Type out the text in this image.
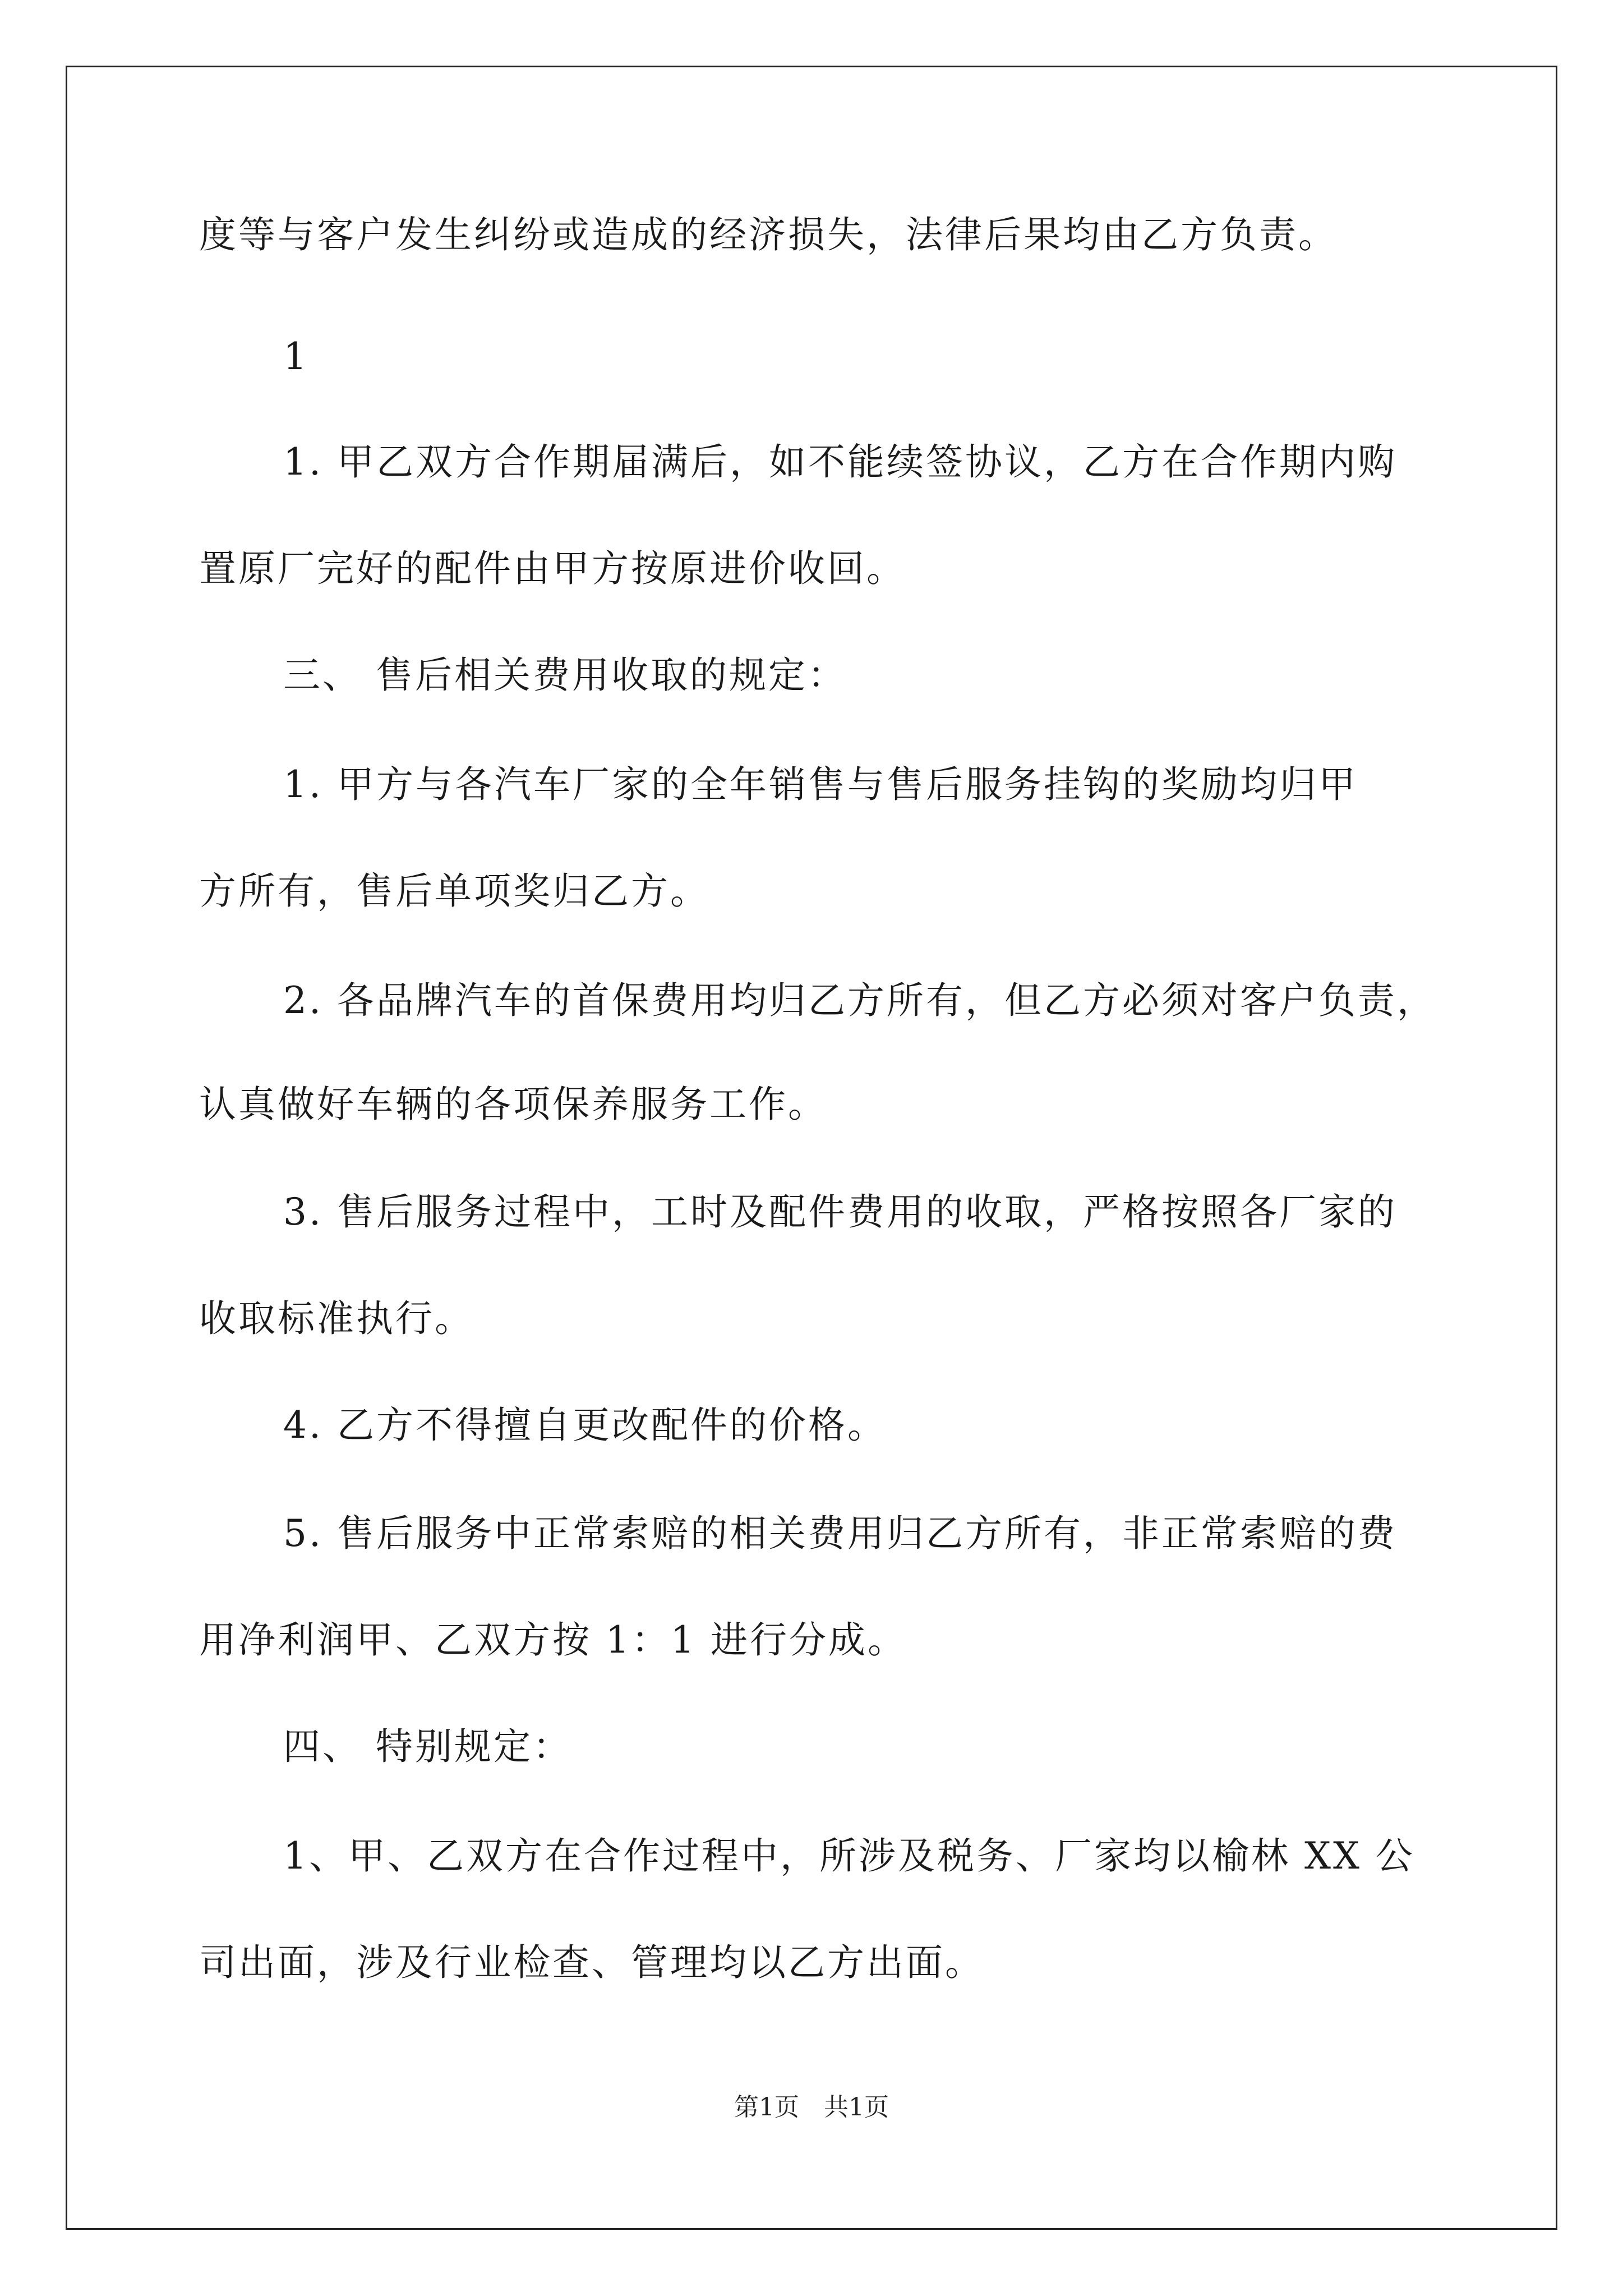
度等与客户发生纠纷或造成的经济损失，法律后果均由乙方负责。
1
1. 甲乙双方合作期届满后，如不能续签协议，乙方在合作期内购
置原厂完好的配件由甲方按原进价收回。
三、 售后相关费用收取的规定：
1. 甲方与各汽车厂家的全年销售与售后服务挂钩的奖励均归甲
方所有，售后单项奖归乙方。
2. 各品牌汽车的首保费用均归乙方所有，但乙方必须对客户负责，
认真做好车辆的各项保养服务工作。
3. 售后服务过程中，工时及配件费用的收取，严格按照各厂家的
收取标准执行。
4. 乙方不得擅自更改配件的价格。
5. 售后服务中正常索赔的相关费用归乙方所有，非正常索赔的费
用净利润甲、乙双方按 1：1 进行分成。
四、 特别规定：
1、甲、乙双方在合作过程中，所涉及税务、厂家均以榆林 XX 公
司出面，涉及行业检查、管理均以乙方出面。
第1页　共1页
